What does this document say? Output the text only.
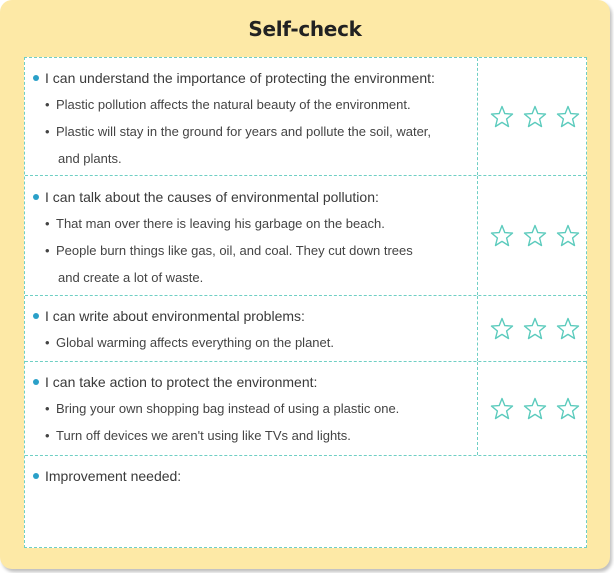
Self-check
I can understand the importance of protecting the environment:
• Plastic pollution affects the natural beauty of the environment.
• Plastic will stay in the ground for years and pollute the soil, water,
and plants.
I can talk about the causes of environmental pollution:
• That man over there is leaving his garbage on the beach.
• People burn things like gas, oil, and coal. They cut down trees
and create a lot of waste.
I can write about environmental problems:
• Global warming affects everything on the planet.
I can take action to protect the environment:
• Bring your own shopping bag instead of using a plastic one.
• Turn off devices we aren't using like TVs and lights.
Improvement needed:
